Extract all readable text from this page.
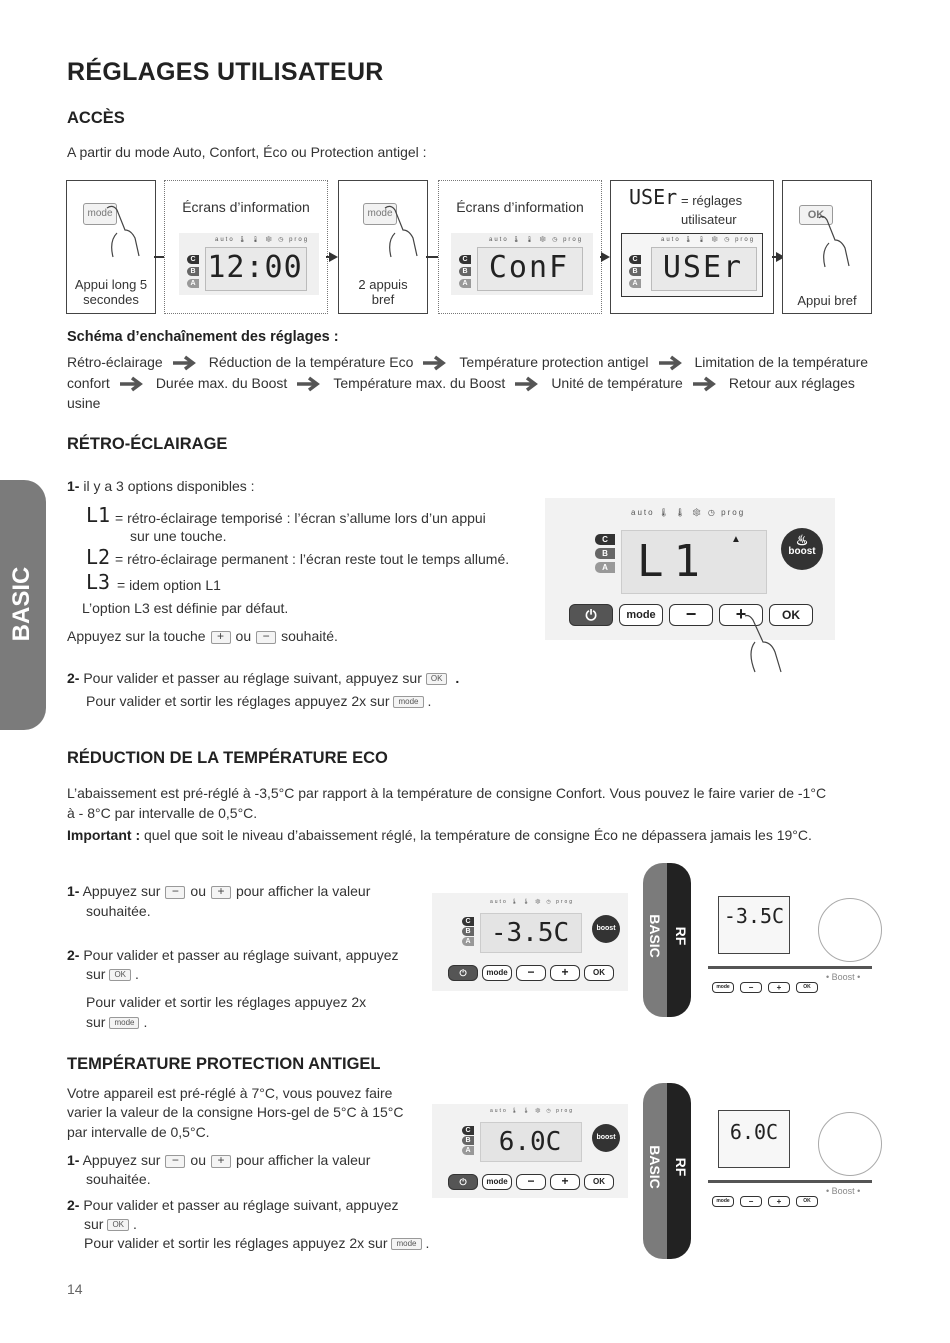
BASIC
RÉGLAGES UTILISATEUR
ACCÈS
A partir du mode Auto, Confort, Éco ou Protection antigel :
mode
Appui long 5 secondes
Écrans d’information
auto 🌡 🌡 ❄ ◷ prog
C
B
A 12:00
mode
2 appuis bref
Écrans d’information
auto 🌡 🌡 ❄ ◷ prog
C
B
A ConF
USEr = réglages utilisateur
auto 🌡 🌡 ❄ ◷ prog
C
B
A USEr
OK
Appui bref
Schéma d’enchaînement des réglages :
Rétro-éclairage	Réduction de la température Eco	Température protection antigel	Limitation de la température confort	Durée max. du Boost	Température max. du Boost	Unité de température	Retour aux réglages usine
RÉTRO-ÉCLAIRAGE
1- il y a 3 options disponibles :
L1 = rétro-éclairage temporisé : l’écran s’allume lors d’un appui
sur une touche.
L2 = rétro-éclairage permanent : l’écran reste tout le temps allumé.
L3 = idem option L1
L’option L3 est définie par défaut.
Appuyez sur la touche + ou − souhaité.
2- Pour valider et passer au réglage suivant, appuyez sur OK .
Pour valider et sortir les réglages appuyez 2x sur mode .
auto 🌡 🌡 ❄ ◷ prog
C
B
A L1 ▲	♨
boost
⏻	mode	−	+	OK
RÉDUCTION DE LA TEMPÉRATURE ECO
L’abaissement est pré-réglé à -3,5°C par rapport à la température de consigne Confort. Vous pouvez le faire varier de -1°C
à - 8°C par intervalle de 0,5°C.
Important : quel que soit le niveau d’abaissement réglé, la température de consigne Éco ne dépassera jamais les 19°C.
1- Appuyez sur − ou + pour afficher la valeur
souhaitée.
2- Pour valider et passer au réglage suivant, appuyez
sur OK .
Pour valider et sortir les réglages appuyez 2x
sur mode .
auto 🌡 🌡 ❄ ◷ prog
C
B
A -3.5C	boost
⏻	mode	−	+	OK
BASIC RF
-3.5C
• Boost •
mode	−	+	OK
TEMPÉRATURE PROTECTION ANTIGEL
Votre appareil est pré-réglé à 7°C, vous pouvez faire
varier la valeur de la consigne Hors-gel de 5°C à 15°C
par intervalle de 0,5°C.
1- Appuyez sur − ou + pour afficher la valeur
souhaitée.
2- Pour valider et passer au réglage suivant, appuyez
sur OK .
Pour valider et sortir les réglages appuyez 2x sur mode .
auto 🌡 🌡 ❄ ◷ prog
C
B
A	6.0C	boost
⏻	mode	−	+	OK	BASIC RF
6.0C
• Boost •
mode	−	+	OK
14
